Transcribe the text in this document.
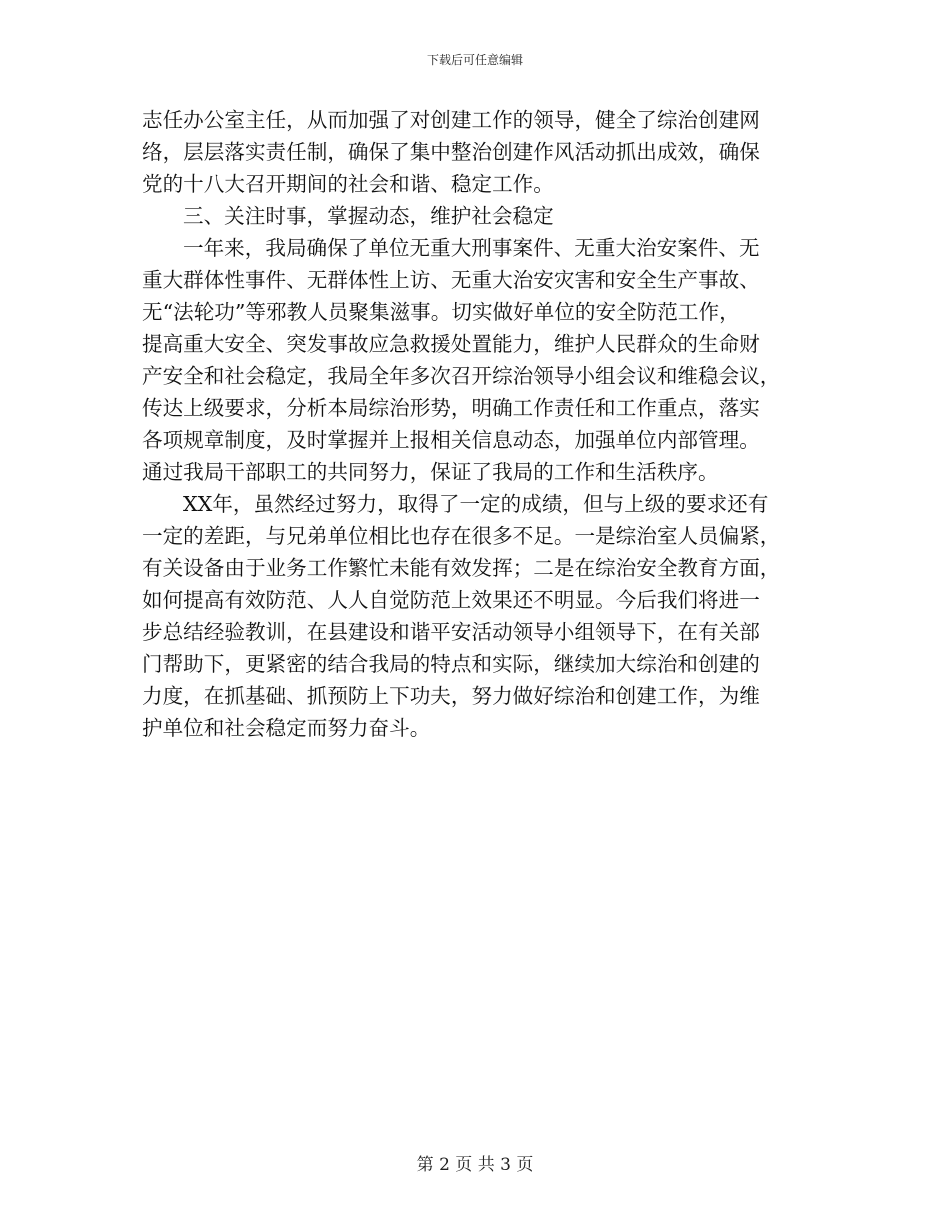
下载后可任意编辑
志任办公室主任，从而加强了对创建工作的领导，健全了综治创建网
络，层层落实责任制，确保了集中整治创建作风活动抓出成效，确保
党的十八大召开期间的社会和谐、稳定工作。
三、关注时事，掌握动态，维护社会稳定
一年来，我局确保了单位无重大刑事案件、无重大治安案件、无
重大群体性事件、无群体性上访、无重大治安灾害和安全生产事故、
无“法轮功”等邪教人员聚集滋事。切实做好单位的安全防范工作，
提高重大安全、突发事故应急救援处置能力，维护人民群众的生命财
产安全和社会稳定，我局全年多次召开综治领导小组会议和维稳会议，
传达上级要求，分析本局综治形势，明确工作责任和工作重点，落实
各项规章制度，及时掌握并上报相关信息动态，加强单位内部管理。
通过我局干部职工的共同努力，保证了我局的工作和生活秩序。
XX年，虽然经过努力，取得了一定的成绩，但与上级的要求还有
一定的差距，与兄弟单位相比也存在很多不足。一是综治室人员偏紧，
有关设备由于业务工作繁忙未能有效发挥；二是在综治安全教育方面，
如何提高有效防范、人人自觉防范上效果还不明显。今后我们将进一
步总结经验教训，在县建设和谐平安活动领导小组领导下，在有关部
门帮助下，更紧密的结合我局的特点和实际，继续加大综治和创建的
力度，在抓基础、抓预防上下功夫，努力做好综治和创建工作，为维
护单位和社会稳定而努力奋斗。
第 2 页 共 3 页
